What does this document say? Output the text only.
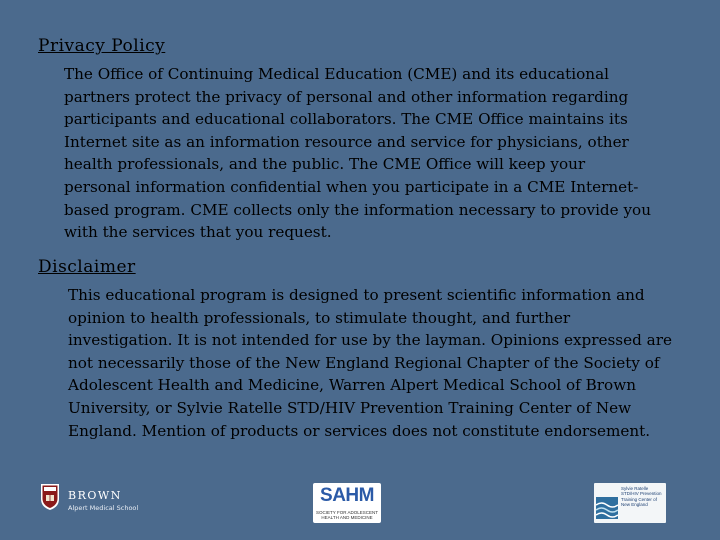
Privacy Policy
The Office of Continuing Medical Education (CME) and its educational partners protect the privacy of personal and other information regarding participants and educational collaborators. The CME Office maintains its Internet site as an information resource and service for physicians, other health professionals, and the public. The CME Office will keep your personal information confidential when you participate in a CME Internet-based program. CME collects only the information necessary to provide you with the services that you request.
Disclaimer
This educational program is designed to present scientific information and opinion to health professionals, to stimulate thought, and further investigation. It is not intended for use by the layman. Opinions expressed are not necessarily those of the New England Regional Chapter of the Society of Adolescent Health and Medicine, Warren Alpert Medical School of Brown University, or Sylvie Ratelle STD/HIV Prevention Training Center of New England. Mention of products or services does not constitute endorsement.
BROWN
Alpert Medical School
SAHM
SOCIETY FOR ADOLESCENT HEALTH AND MEDICINE
Sylvie Ratelle STD/HIV Prevention Training Center of New England
